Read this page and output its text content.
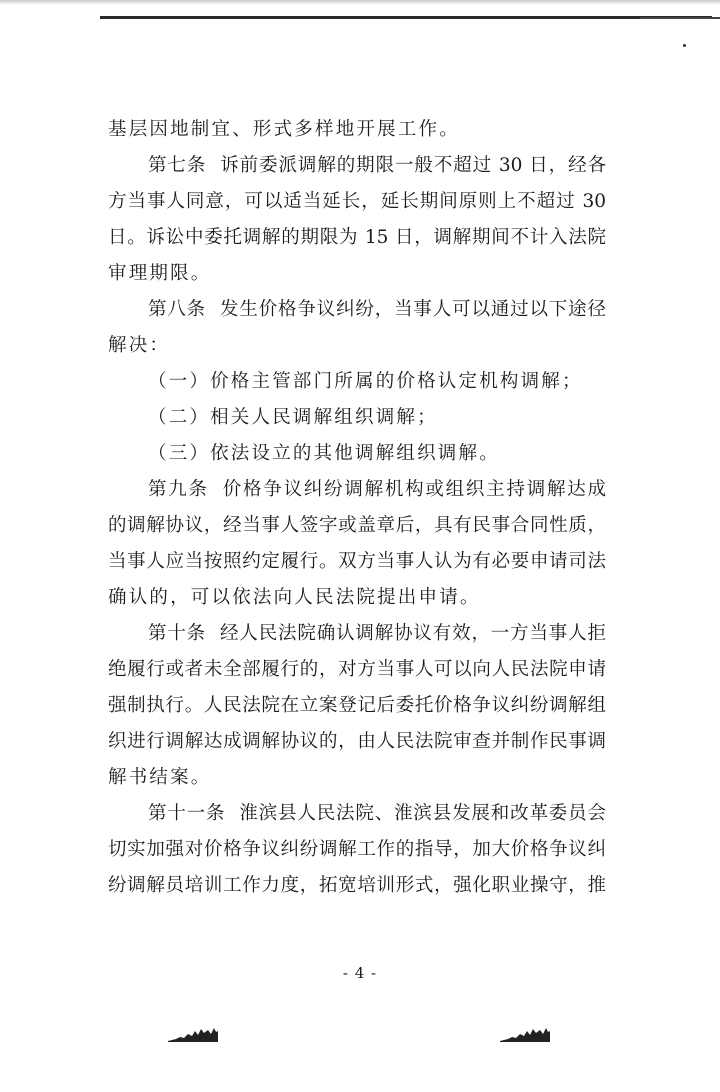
基层因地制宜、形式多样地开展工作。
第七条 诉前委派调解的期限一般不超过 30 日，经各
方当事人同意，可以适当延长，延长期间原则上不超过 30
日。诉讼中委托调解的期限为 15 日，调解期间不计入法院
审理期限。
第八条 发生价格争议纠纷，当事人可以通过以下途径
解决：
（一）价格主管部门所属的价格认定机构调解；
（二）相关人民调解组织调解；
（三）依法设立的其他调解组织调解。
第九条 价格争议纠纷调解机构或组织主持调解达成
的调解协议，经当事人签字或盖章后，具有民事合同性质，
当事人应当按照约定履行。双方当事人认为有必要申请司法
确认的，可以依法向人民法院提出申请。
第十条 经人民法院确认调解协议有效，一方当事人拒
绝履行或者未全部履行的，对方当事人可以向人民法院申请
强制执行。人民法院在立案登记后委托价格争议纠纷调解组
织进行调解达成调解协议的，由人民法院审查并制作民事调
解书结案。
第十一条 淮滨县人民法院、淮滨县发展和改革委员会
切实加强对价格争议纠纷调解工作的指导，加大价格争议纠
纷调解员培训工作力度，拓宽培训形式，强化职业操守，推
- 4 -
